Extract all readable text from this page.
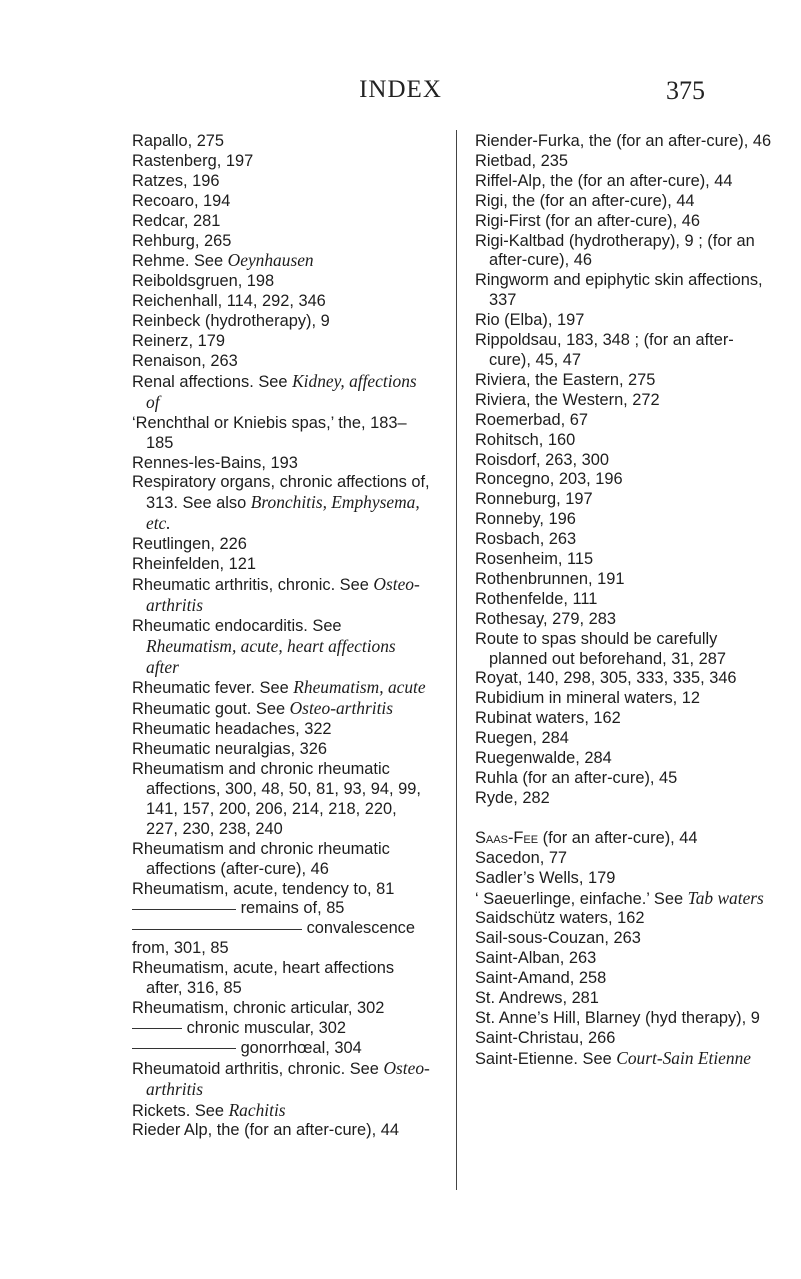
INDEX	375
Rapallo, 275
Rastenberg, 197
Ratzes, 196
Recoaro, 194
Redcar, 281
Rehburg, 265
Rehme. See Oeynhausen
Reiboldsgruen, 198
Reichenhall, 114, 292, 346
Reinbeck (hydrotherapy), 9
Reinerz, 179
Renaison, 263
Renal affections. See Kidney, affections of
‘Renchthal or Kniebis spas,’ the, 183–185
Rennes-les-Bains, 193
Respiratory organs, chronic affections of, 313. See also Bronchitis, Emphysema, etc.
Reutlingen, 226
Rheinfelden, 121
Rheumatic arthritis, chronic. See Osteo-arthritis
Rheumatic endocarditis. See Rheumatism, acute, heart affections after
Rheumatic fever. See Rheumatism, acute
Rheumatic gout. See Osteo-arthritis
Rheumatic headaches, 322
Rheumatic neuralgias, 326
Rheumatism and chronic rheumatic affections, 300, 48, 50, 81, 93, 94, 99, 141, 157, 200, 206, 214, 218, 220, 227, 230, 238, 240
Rheumatism and chronic rheumatic affections (after-cure), 46
Rheumatism, acute, tendency to, 81
remains of, 85
convalescence from, 301, 85
Rheumatism, acute, heart affections after, 316, 85
Rheumatism, chronic articular, 302
chronic muscular, 302
gonorrhœal, 304
Rheumatoid arthritis, chronic. See Osteo-arthritis
Rickets. See Rachitis
Rieder Alp, the (for an after-cure), 44
Riender-Furka, the (for an after-cure), 46
Rietbad, 235
Riffel-Alp, the (for an after-cure), 44
Rigi, the (for an after-cure), 44
Rigi-First (for an after-cure), 46
Rigi-Kaltbad (hydrotherapy), 9 ; (for an after-cure), 46
Ringworm and epiphytic skin affections, 337
Rio (Elba), 197
Rippoldsau, 183, 348 ; (for an after-cure), 45, 47
Riviera, the Eastern, 275
Riviera, the Western, 272
Roemerbad, 67
Rohitsch, 160
Roisdorf, 263, 300
Roncegno, 203, 196
Ronneburg, 197
Ronneby, 196
Rosbach, 263
Rosenheim, 115
Rothenbrunnen, 191
Rothenfelde, 111
Rothesay, 279, 283
Route to spas should be carefully planned out beforehand, 31, 287
Royat, 140, 298, 305, 333, 335, 346
Rubidium in mineral waters, 12
Rubinat waters, 162
Ruegen, 284
Ruegenwalde, 284
Ruhla (for an after-cure), 45
Ryde, 282
Saas-Fee (for an after-cure), 44
Sacedon, 77
Sadler’s Wells, 179
‘ Saeuerlinge, einfache.’ See Tab waters
Saidschütz waters, 162
Sail-sous-Couzan, 263
Saint-Alban, 263
Saint-Amand, 258
St. Andrews, 281
St. Anne’s Hill, Blarney (hyd therapy), 9
Saint-Christau, 266
Saint-Etienne. See Court-Sain Etienne
